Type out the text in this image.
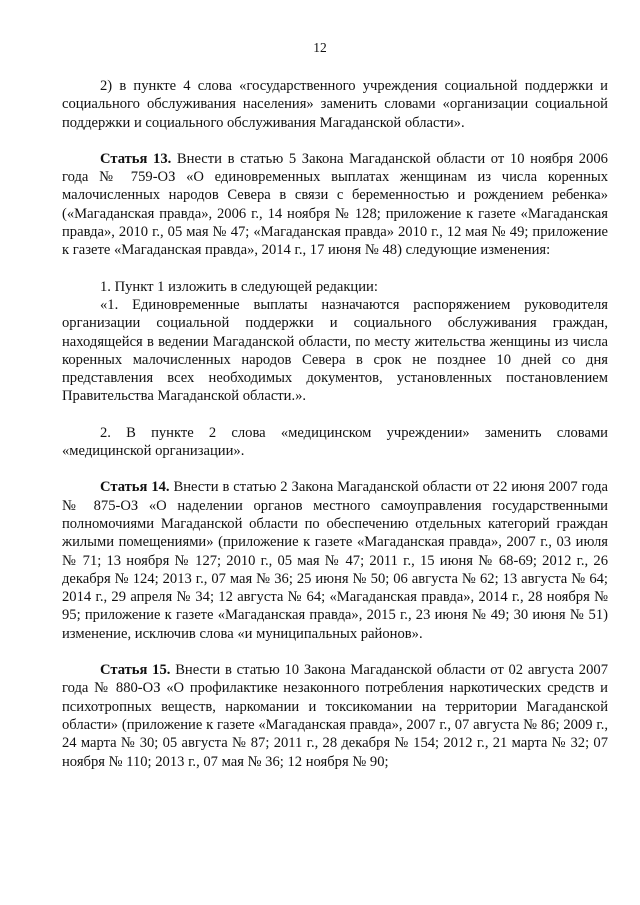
12

2) в пункте 4 слова «государственного учреждения социальной поддержки и социального обслуживания населения» заменить словами «организации социальной поддержки и социального обслуживания Магаданской области».

Статья 13. Внести в статью 5 Закона Магаданской области от 10 ноября 2006 года № 759-ОЗ «О единовременных выплатах женщинам из числа коренных малочисленных народов Севера в связи с беременностью и рождением ребенка» («Магаданская правда», 2006 г., 14 ноября № 128; приложение к газете «Магаданская правда», 2010 г., 05 мая № 47; «Магаданская правда» 2010 г., 12 мая № 49; приложение к газете «Магаданская правда», 2014 г., 17 июня № 48) следующие изменения:

1. Пункт 1 изложить в следующей редакции:

«1. Единовременные выплаты назначаются распоряжением руководителя организации социальной поддержки и социального обслуживания граждан, находящейся в ведении Магаданской области, по месту жительства женщины из числа коренных малочисленных народов Севера в срок не позднее 10 дней со дня представления всех необходимых документов, установленных постановлением Правительства Магаданской области.».

2. В пункте 2 слова «медицинском учреждении» заменить словами «медицинской организации».

Статья 14. Внести в статью 2 Закона Магаданской области от 22 июня 2007 года № 875-ОЗ «О наделении органов местного самоуправления государственными полномочиями Магаданской области по обеспечению отдельных категорий граждан жилыми помещениями» (приложение к газете «Магаданская правда», 2007 г., 03 июля № 71; 13 ноября № 127; 2010 г., 05 мая № 47; 2011 г., 15 июня № 68-69; 2012 г., 26 декабря № 124; 2013 г., 07 мая № 36; 25 июня № 50; 06 августа № 62; 13 августа № 64; 2014 г., 29 апреля № 34; 12 августа № 64; «Магаданская правда», 2014 г., 28 ноября № 95; приложение к газете «Магаданская правда», 2015 г., 23 июня № 49; 30 июня № 51) изменение, исключив слова «и муниципальных районов».

Статья 15. Внести в статью 10 Закона Магаданской области от 02 августа 2007 года № 880-ОЗ «О профилактике незаконного потребления наркотических средств и психотропных веществ, наркомании и токсикомании на территории Магаданской области» (приложение к газете «Магаданская правда», 2007 г., 07 августа № 86; 2009 г., 24 марта № 30; 05 августа № 87; 2011 г., 28 декабря № 154; 2012 г., 21 марта № 32; 07 ноября № 110; 2013 г., 07 мая № 36; 12 ноября № 90;
